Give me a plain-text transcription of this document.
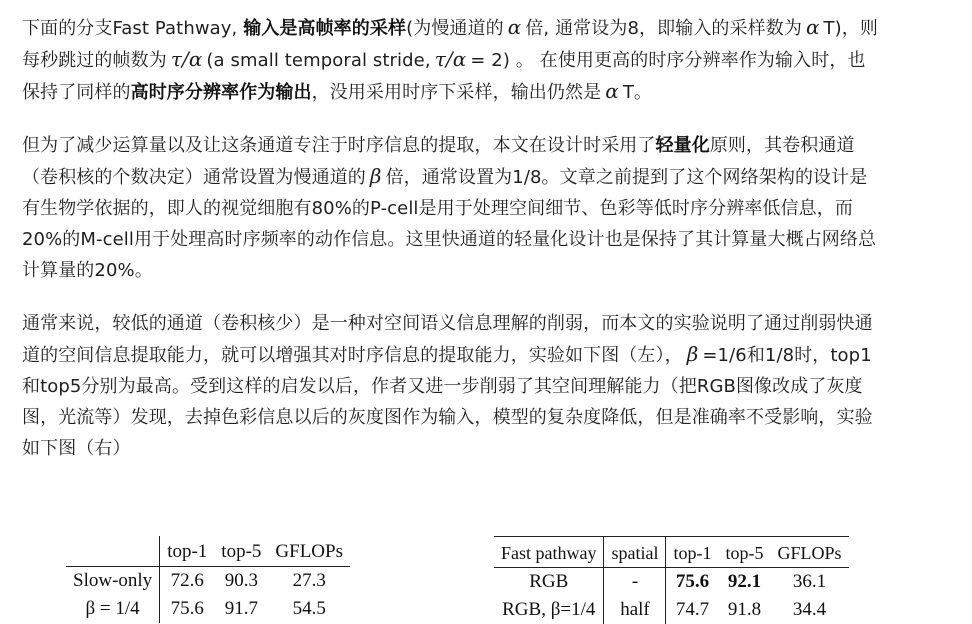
下面的分支Fast Pathway, 输入是高帧率的采样(为慢通道的 α 倍, 通常设为8，即输入的采样数为 α T)，则每秒跳过的帧数为 τ/α (a small temporal stride, τ/α = 2) 。 在使用更高的时序分辨率作为输入时，也保持了同样的高时序分辨率作为输出，没用采用时序下采样，输出仍然是 α T。

但为了减少运算量以及让这条通道专注于时序信息的提取，本文在设计时采用了轻量化原则，其卷积通道（卷积核的个数决定）通常设置为慢通道的 β 倍，通常设置为1/8。文章之前提到了这个网络架构的设计是有生物学依据的，即人的视觉细胞有80%的P-cell是用于处理空间细节、色彩等低时序分辨率低信息，而20%的M-cell用于处理高时序频率的动作信息。这里快通道的轻量化设计也是保持了其计算量大概占网络总计算量的20%。

通常来说，较低的通道（卷积核少）是一种对空间语义信息理解的削弱，而本文的实验说明了通过削弱快通道的空间信息提取能力，就可以增强其对时序信息的提取能力，实验如下图（左）， β =1/6和1/8时，top1和top5分别为最高。受到这样的启发以后，作者又进一步削弱了其空间理解能力（把RGB图像改成了灰度图，光流等）发现，去掉色彩信息以后的灰度图作为输入，模型的复杂度降低，但是准确率不受影响，实验如下图（右）

	top-1	top-5	GFLOPs
Slow-only	72.6	90.3	27.3
β = 1/4	75.6	91.7	54.5
Fast pathway	spatial	top-1	top-5	GFLOPs
RGB	-	75.6	92.1	36.1
RGB, β=1/4	half	74.7	91.8	34.4
